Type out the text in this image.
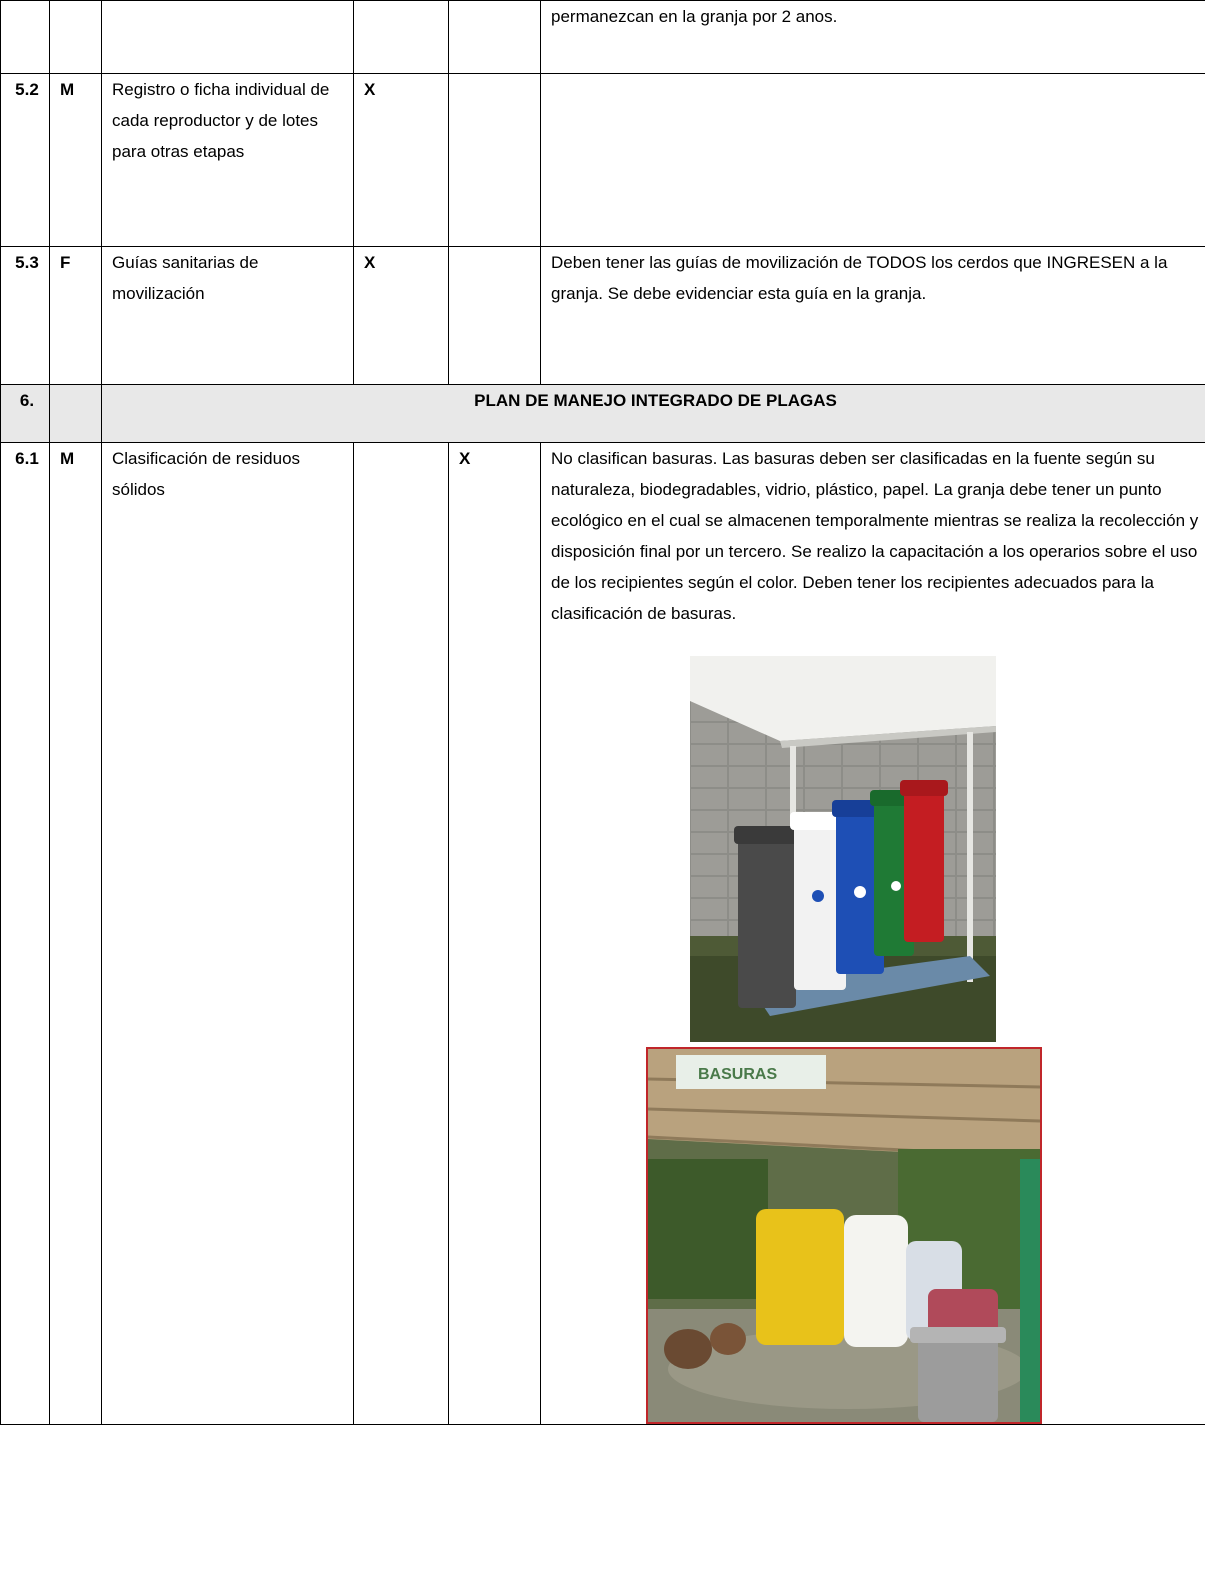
					permanezcan en la granja por 2 anos.
5.2	M	Registro o ficha individual de cada reproductor y de lotes para otras etapas	X		
5.3	F	Guías sanitarias de movilización	X		Deben tener las guías de movilización de TODOS los cerdos que INGRESEN a la granja. Se debe evidenciar esta guía en la granja.
6.		PLAN DE MANEJO INTEGRADO DE PLAGAS			
6.1	M	Clasificación de residuos sólidos		X	No clasifican basuras. Las basuras deben ser clasificadas en la fuente según su naturaleza, biodegradables, vidrio, plástico, papel. La granja debe tener un punto ecológico en el cual se almacenen temporalmente mientras se realiza la recolección y disposición final por un tercero. Se realizo la capacitación a los operarios sobre el uso de los recipientes según el color. Deben tener los recipientes adecuados para la clasificación de basuras.
BASURAS
